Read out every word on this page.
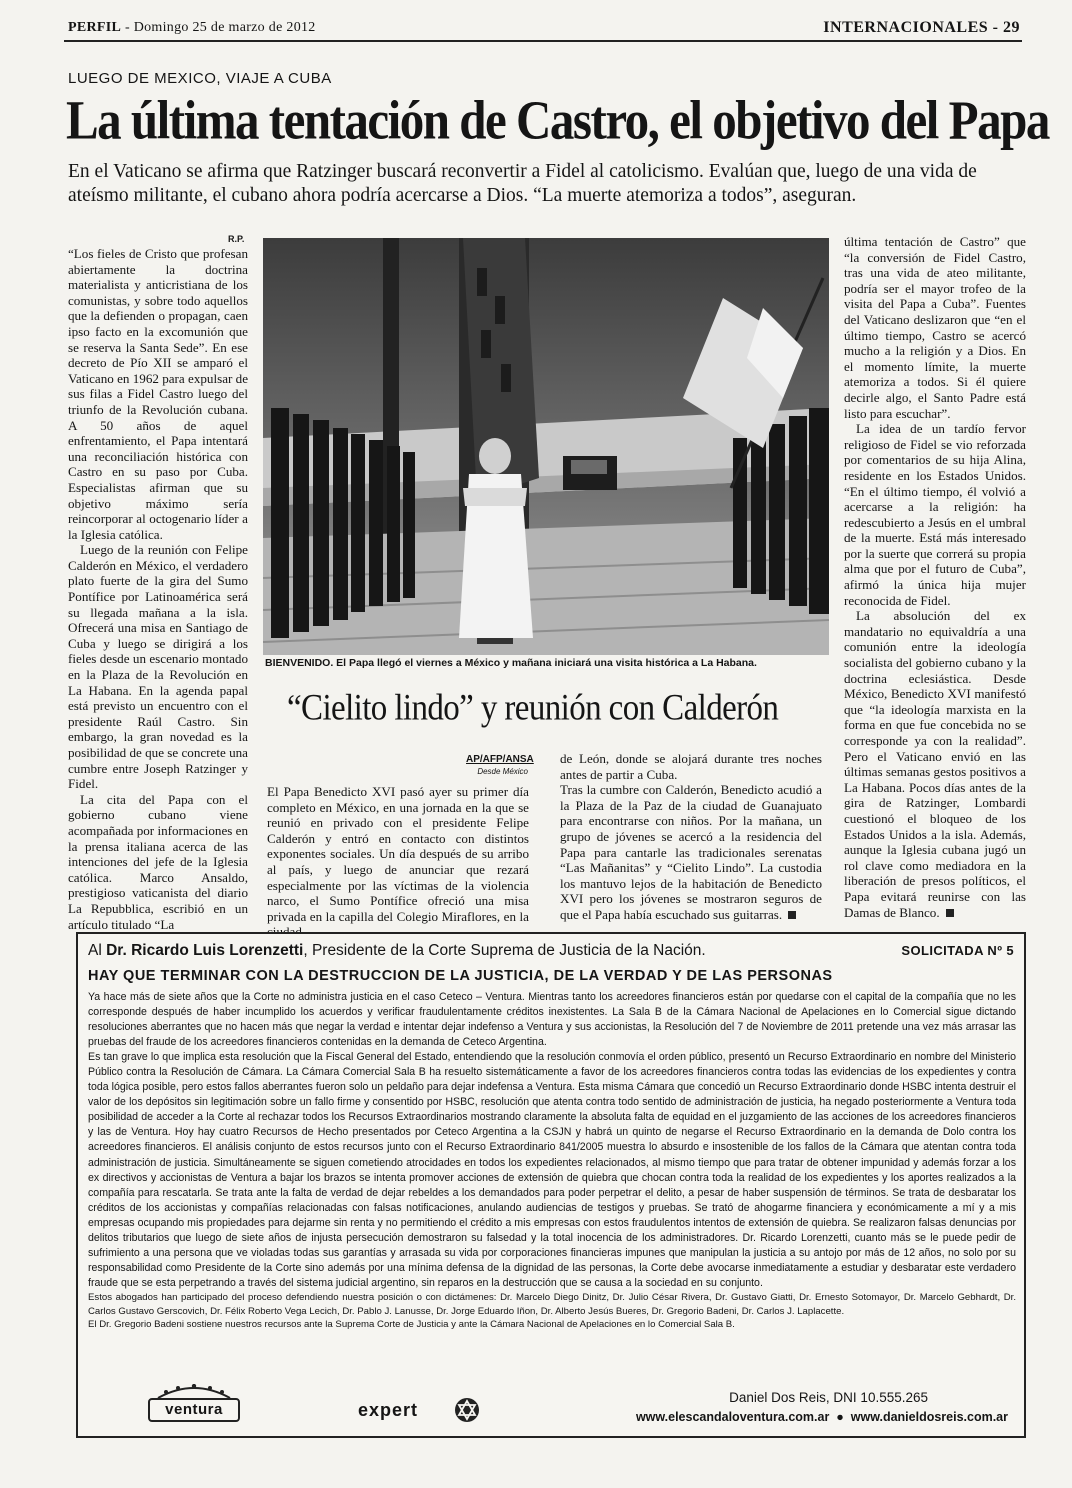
PERFIL - Domingo 25 de marzo de 2012	INTERNACIONALES - 29
LUEGO DE MEXICO, VIAJE A CUBA
La última tentación de Castro, el objetivo del Papa
En el Vaticano se afirma que Ratzinger buscará reconvertir a Fidel al catolicismo. Evalúan que, luego de una vida de ateísmo militante, el cubano ahora podría acercarse a Dios. “La muerte atemoriza a todos”, aseguran.
R.P.

“Los fieles de Cristo que profesan abiertamente la doctrina materialista y anticristiana de los comunistas, y sobre todo aquellos que la defienden o propagan, caen ipso facto en la excomunión que se reserva la Santa Sede”. En ese decreto de Pío XII se amparó el Vaticano en 1962 para expulsar de sus filas a Fidel Castro luego del triunfo de la Revolución cubana. A 50 años de aquel enfrentamiento, el Papa intentará una reconciliación histórica con Castro en su paso por Cuba. Especialistas afirman que su objetivo máximo sería reincorporar al octogenario líder a la Iglesia católica.

Luego de la reunión con Felipe Calderón en México, el verdadero plato fuerte de la gira del Sumo Pontífice por Latinoamérica será su llegada mañana a la isla. Ofrecerá una misa en Santiago de Cuba y luego se dirigirá a los fieles desde un escenario montado en la Plaza de la Revolución en La Habana. En la agenda papal está previsto un encuentro con el presidente Raúl Castro. Sin embargo, la gran novedad es la posibilidad de que se concrete una cumbre entre Joseph Ratzinger y Fidel.

La cita del Papa con el gobierno cubano viene acompañada por informaciones en la prensa italiana acerca de las intenciones del jefe de la Iglesia católica. Marco Ansaldo, prestigioso vaticanista del diario La Repubblica, escribió en un artículo titulado “La

BIENVENIDO. El Papa llegó el viernes a México y mañana iniciará una visita histórica a La Habana.

última tentación de Castro” que “la conversión de Fidel Castro, tras una vida de ateo militante, podría ser el mayor trofeo de la visita del Papa a Cuba”. Fuentes del Vaticano deslizaron que “en el último tiempo, Castro se acercó mucho a la religión y a Dios. En el momento límite, la muerte atemoriza a todos. Si él quiere decirle algo, el Santo Padre está listo para escuchar”.

La idea de un tardío fervor religioso de Fidel se vio reforzada por comentarios de su hija Alina, residente en los Estados Unidos. “En el último tiempo, él volvió a acercarse a la religión: ha redescubierto a Jesús en el umbral de la muerte. Está más interesado por la suerte que correrá su propia alma que por el futuro de Cuba”, afirmó la única hija mujer reconocida de Fidel.

La absolución del ex mandatario no equivaldría a una comunión entre la ideología socialista del gobierno cubano y la doctrina eclesiástica. Desde México, Benedicto XVI manifestó que “la ideología marxista en la forma en que fue concebida no se corresponde ya con la realidad”. Pero el Vaticano envió en las últimas semanas gestos positivos a La Habana. Pocos días antes de la gira de Ratzinger, Lombardi cuestionó el bloqueo de los Estados Unidos a la isla. Además, aunque la Iglesia cubana jugó un rol clave como mediadora en la liberación de presos políticos, el Papa evitará reunirse con las Damas de Blanco.

“Cielito lindo” y reunión con Calderón
AP/AFP/ANSA
Desde México

El Papa Benedicto XVI pasó ayer su primer día completo en México, en una jornada en la que se reunió en privado con el presidente Felipe Calderón y entró en contacto con distintos exponentes sociales. Un día después de su arribo al país, y luego de anunciar que rezará especialmente por las víctimas de la violencia narco, el Sumo Pontífice ofreció una misa privada en la capilla del Colegio Miraflores, en la

de León, donde se alojará durante tres noches antes de partir a Cuba.

Tras la cumbre con Calderón, Benedicto acudió a la Plaza de la Paz de la ciudad de Guanajuato para encontrarse con niños. Por la mañana, un grupo de jóvenes se acercó a la residencia del Papa para cantarle las tradicionales serenatas “Las Mañanitas” y “Cielito Lindo”. La custodia los mantuvo lejos de la habitación de Benedicto XVI pero los jóvenes se mostraron seguros de que el Papa había escuchado sus guitarras.

Al Dr. Ricardo Luis Lorenzetti, Presidente de la Corte Suprema de Justicia de la Nación.	SOLICITADA Nº 5
HAY QUE TERMINAR CON LA DESTRUCCION DE LA JUSTICIA, DE LA VERDAD Y DE LAS PERSONAS

Ya hace más de siete años que la Corte no administra justicia en el caso Ceteco – Ventura. Mientras tanto los acreedores financieros están por quedarse con el capital de la compañía que no les corresponde después de haber incumplido los acuerdos y verificar fraudulentamente créditos inexistentes. La Sala B de la Cámara Nacional de Apelaciones en lo Comercial sigue dictando resoluciones aberrantes que no hacen más que negar la verdad e intentar dejar indefenso a Ventura y sus accionistas, la Resolución del 7 de Noviembre de 2011 pretende una vez más arrasar las pruebas del fraude de los acreedores financieros contenidas en la demanda de Ceteco Argentina.

Es tan grave lo que implica esta resolución que la Fiscal General del Estado, entendiendo que la resolución conmovía el orden público, presentó un Recurso Extraordinario en nombre del Ministerio Público contra la Resolución de Cámara. La Cámara Comercial Sala B ha resuelto sistemáticamente a favor de los acreedores financieros contra todas las evidencias de los expedientes y contra toda lógica posible, pero estos fallos aberrantes fueron solo un peldaño para dejar indefensa a Ventura. Esta misma Cámara que concedió un Recurso Extraordinario donde HSBC intenta destruir el valor de los depósitos sin legitimación sobre un fallo firme y consentido por HSBC, resolución que atenta contra todo sentido de administración de justicia, ha negado posteriormente a Ventura toda posibilidad de acceder a la Corte al rechazar todos los Recursos Extraordinarios mostrando claramente la absoluta falta de equidad en el juzgamiento de las acciones de los acreedores financieros y las de Ventura. Hoy hay cuatro Recursos de Hecho presentados por Ceteco Argentina a la CSJN y habrá un quinto de negarse el Recurso Extraordinario en la demanda de Dolo contra los acreedores financieros. El análisis conjunto de estos recursos junto con el Recurso Extraordinario 841/2005 muestra lo absurdo e insostenible de los fallos de la Cámara que atentan contra toda administración de justicia. Simultáneamente se siguen cometiendo atrocidades en todos los expedientes relacionados, al mismo tiempo que para tratar de obtener impunidad y además forzar a los ex directivos y accionistas de Ventura a bajar los brazos se intenta promover acciones de extensión de quiebra que chocan contra toda la realidad de los expedientes y los aportes realizados a la compañía para rescatarla. Se trata ante la falta de verdad de dejar rebeldes a los demandados para poder perpetrar el delito, a pesar de haber suspensión de términos. Se trata de desbaratar los créditos de los accionistas y compañías relacionadas con falsas notificaciones, anulando audiencias de testigos y pruebas. Se trató de ahogarme financiera y económicamente a mí y a mis empresas ocupando mis propiedades para dejarme sin renta y no permitiendo el crédito a mis empresas con estos fraudulentos intentos de extensión de quiebra. Se realizaron falsas denuncias por delitos tributarios que luego de siete años de injusta persecución demostraron su falsedad y la total inocencia de los administradores. Dr. Ricardo Lorenzetti, cuanto más se le puede pedir de sufrimiento a una persona que ve violadas todas sus garantías y arrasada su vida por corporaciones financieras impunes que manipulan la justicia a su antojo por más de 12 años, no solo por su responsabilidad como Presidente de la Corte sino además por una mínima defensa de la dignidad de las personas, la Corte debe avocarse inmediatamente a estudiar y desbaratar este verdadero fraude que se esta perpetrando a través del sistema judicial argentino, sin reparos en la destrucción que se causa a la sociedad en su conjunto.

Estos abogados han participado del proceso defendiendo nuestra posición o con dictámenes: Dr. Marcelo Diego Dinitz, Dr. Julio César Rivera, Dr. Gustavo Giatti, Dr. Ernesto Sotomayor, Dr. Marcelo Gebhardt, Dr. Carlos Gustavo Gerscovich, Dr. Félix Roberto Vega Lecich, Dr. Pablo J. Lanusse, Dr. Jorge Eduardo Iñon, Dr. Alberto Jesús Bueres, Dr. Gregorio Badeni, Dr. Carlos J. Laplacette.

El Dr. Gregorio Badeni sostiene nuestros recursos ante la Suprema Corte de Justicia y ante la Cámara Nacional de Apelaciones en lo Comercial Sala B.

ventura	expert
Daniel Dos Reis, DNI 10.555.265
www.elescandaloventura.com.ar  ●  www.danieldosreis.com.ar
